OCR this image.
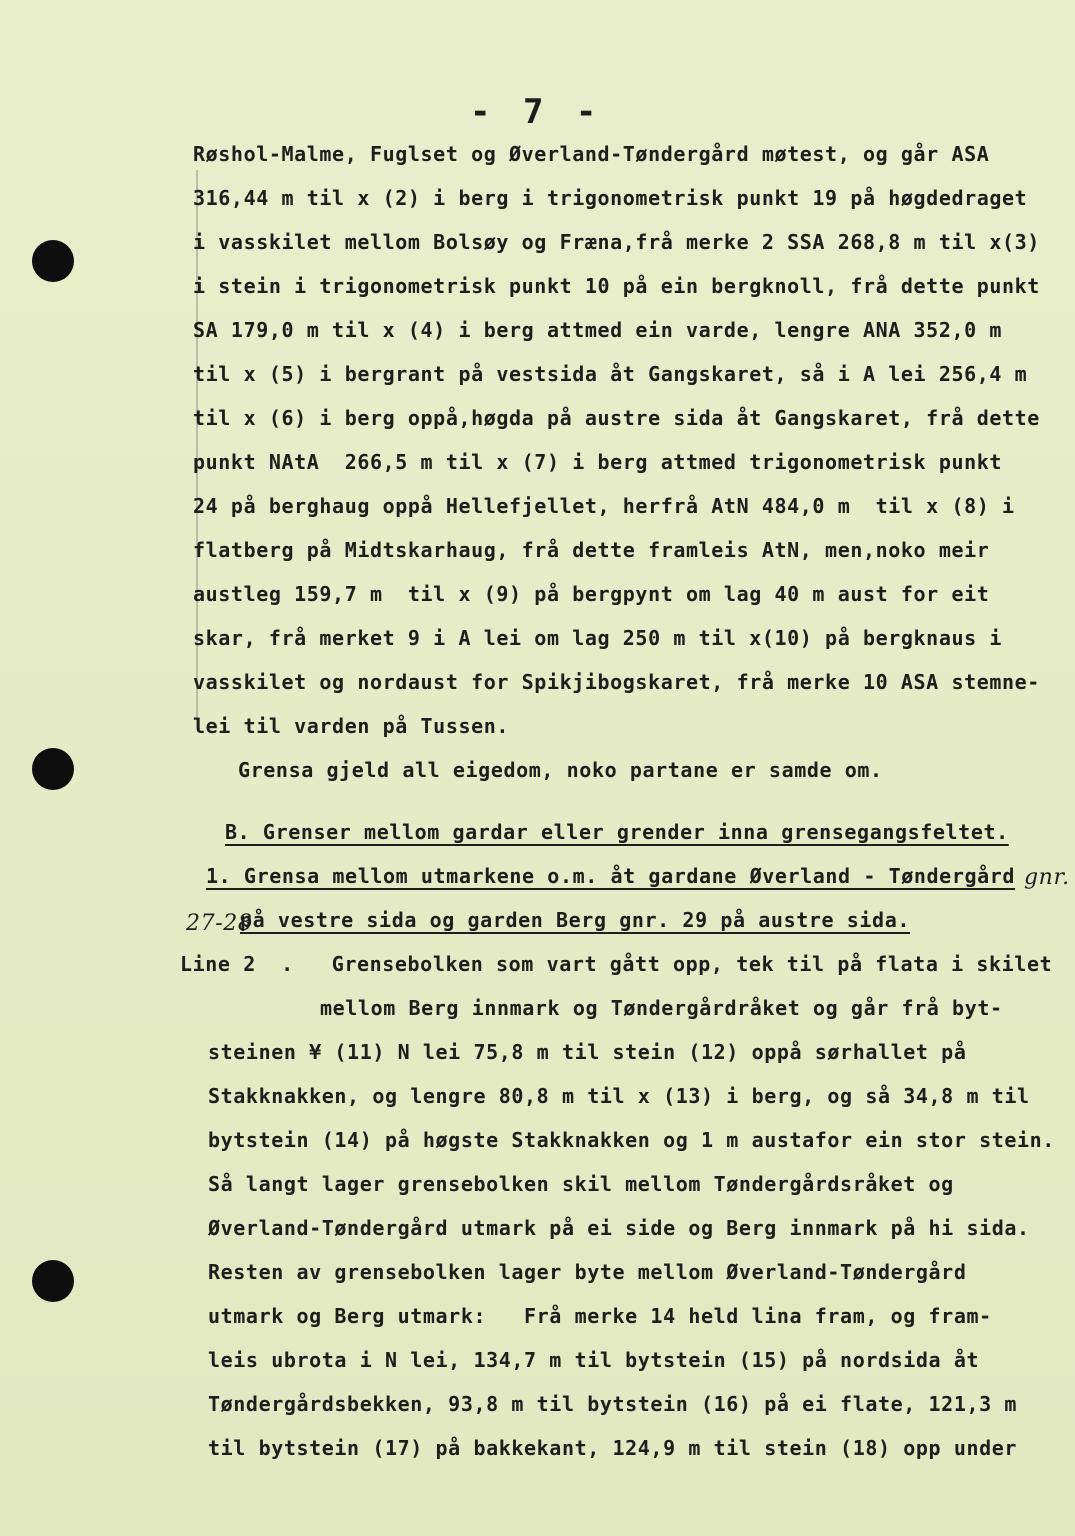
- 7 -
Røshol-Malme, Fuglset og Øverland-Tøndergård møtest, og går ASA
316,44 m til x (2) i berg i trigonometrisk punkt 19 på høgdedraget
i vasskilet mellom Bolsøy og Fræna,frå merke 2 SSA 268,8 m til x(3)
i stein i trigonometrisk punkt 10 på ein bergknoll, frå dette punkt
SA 179,0 m til x (4) i berg attmed ein varde, lengre ANA 352,0 m
til x (5) i bergrant på vestsida åt Gangskaret, så i A lei 256,4 m
til x (6) i berg oppå,høgda på austre sida åt Gangskaret, frå dette
punkt NAtA  266,5 m til x (7) i berg attmed trigonometrisk punkt
24 på berghaug oppå Hellefjellet, herfrå AtN 484,0 m  til x (8) i
flatberg på Midtskarhaug, frå dette framleis AtN, men,noko meir
austleg 159,7 m  til x (9) på bergpynt om lag 40 m aust for eit
skar, frå merket 9 i A lei om lag 250 m til x(10) på bergknaus i
vasskilet og nordaust for Spikjibogskaret, frå merke 10 ASA stemne-
lei til varden på Tussen.
Grensa gjeld all eigedom, noko partane er samde om.
B. Grenser mellom gardar eller grender inna grensegangsfeltet.
1. Grensa mellom utmarkene o.m. åt gardane Øverland - Tøndergård
på vestre sida og garden Berg gnr. 29 på austre sida.
Line 2  .   Grensebolken som vart gått opp, tek til på flata i skilet
mellom Berg innmark og Tøndergårdråket og går frå byt-
steinen ¥ (11) N lei 75,8 m til stein (12) oppå sørhallet på
Stakknakken, og lengre 80,8 m til x (13) i berg, og så 34,8 m til
bytstein (14) på høgste Stakknakken og 1 m austafor ein stor stein.
Så langt lager grensebolken skil mellom Tøndergårdsråket og
Øverland-Tøndergård utmark på ei side og Berg innmark på hi sida.
Resten av grensebolken lager byte mellom Øverland-Tøndergård
utmark og Berg utmark:   Frå merke 14 held lina fram, og fram-
leis ubrota i N lei, 134,7 m til bytstein (15) på nordsida åt
Tøndergårdsbekken, 93,8 m til bytstein (16) på ei flate, 121,3 m
til bytstein (17) på bakkekant, 124,9 m til stein (18) opp under
gnr.
27-28
